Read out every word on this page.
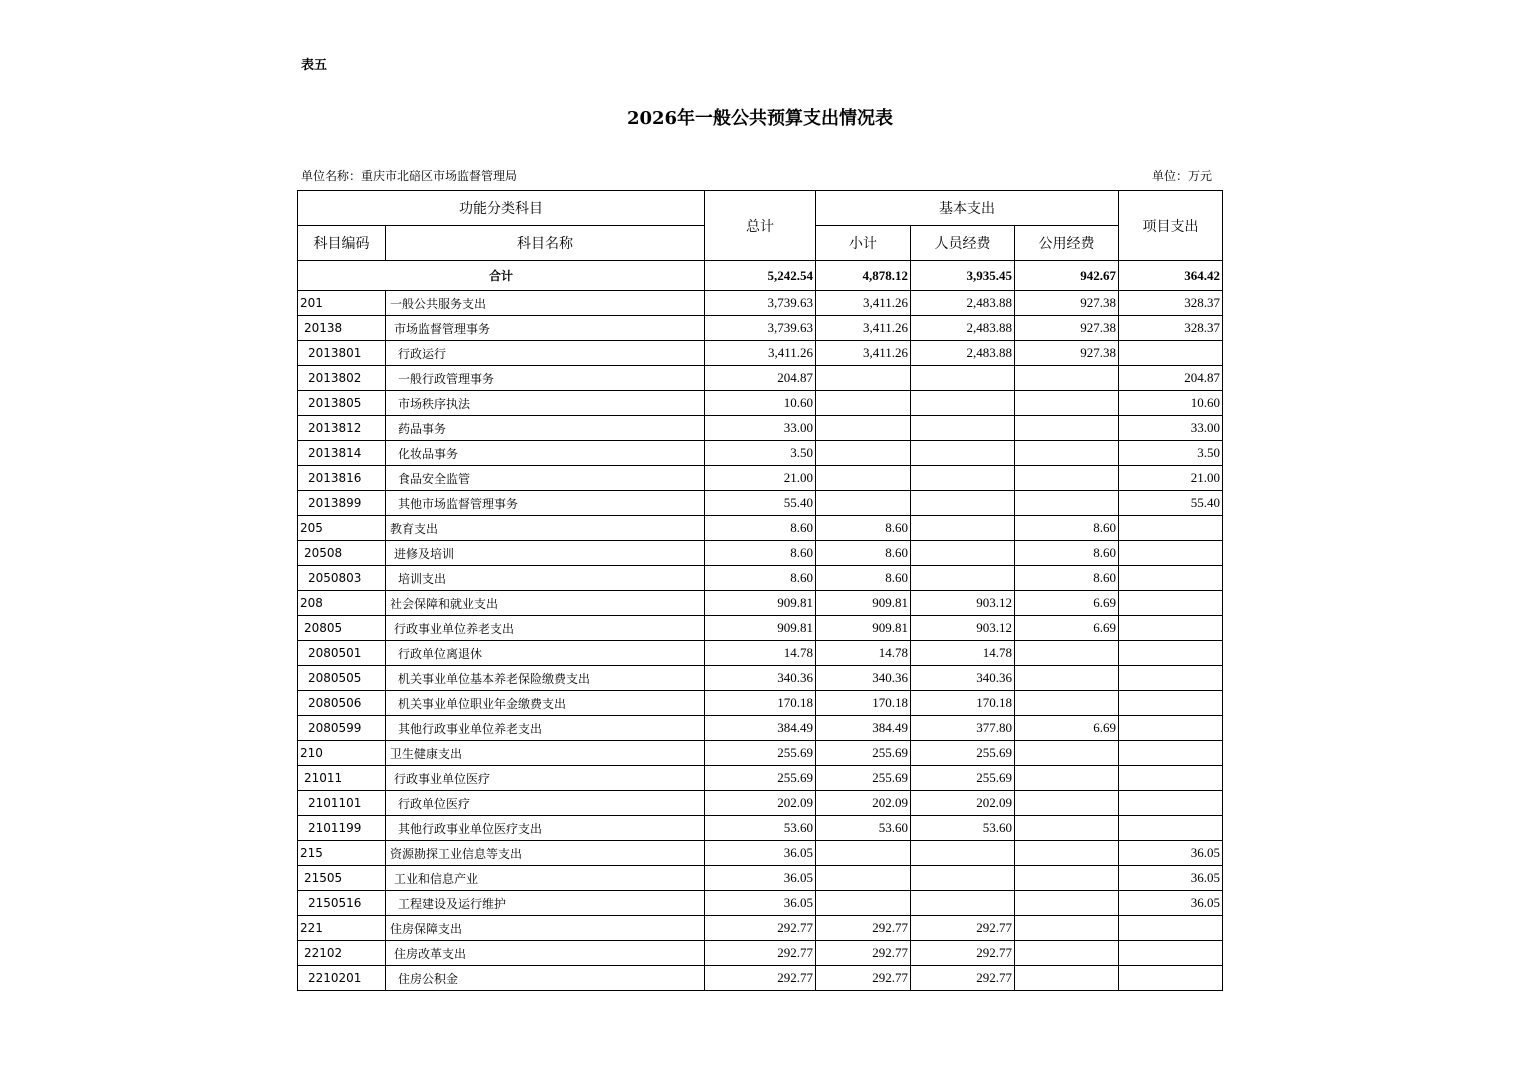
表五
2026年一般公共预算支出情况表
单位名称：重庆市北碚区市场监督管理局	单位：万元
功能分类科目		总计	基本支出			项目支出
科目编码	科目名称		小计	人员经费	公用经费	
合计		5,242.54	4,878.12	3,935.45	942.67	364.42
201	一般公共服务支出	3,739.63	3,411.26	2,483.88	927.38	328.37
20138	市场监督管理事务	3,739.63	3,411.26	2,483.88	927.38	328.37
2013801	行政运行	3,411.26	3,411.26	2,483.88	927.38	
2013802	一般行政管理事务	204.87				204.87
2013805	市场秩序执法	10.60				10.60
2013812	药品事务	33.00				33.00
2013814	化妆品事务	3.50				3.50
2013816	食品安全监管	21.00				21.00
2013899	其他市场监督管理事务	55.40				55.40
205	教育支出	8.60	8.60		8.60	
20508	进修及培训	8.60	8.60		8.60	
2050803	培训支出	8.60	8.60		8.60	
208	社会保障和就业支出	909.81	909.81	903.12	6.69	
20805	行政事业单位养老支出	909.81	909.81	903.12	6.69	
2080501	行政单位离退休	14.78	14.78	14.78		
2080505	机关事业单位基本养老保险缴费支出	340.36	340.36	340.36		
2080506	机关事业单位职业年金缴费支出	170.18	170.18	170.18		
2080599	其他行政事业单位养老支出	384.49	384.49	377.80	6.69	
210	卫生健康支出	255.69	255.69	255.69		
21011	行政事业单位医疗	255.69	255.69	255.69		
2101101	行政单位医疗	202.09	202.09	202.09		
2101199	其他行政事业单位医疗支出	53.60	53.60	53.60		
215	资源勘探工业信息等支出	36.05				36.05
21505	工业和信息产业	36.05				36.05
2150516	工程建设及运行维护	36.05				36.05
221	住房保障支出	292.77	292.77	292.77		
22102	住房改革支出	292.77	292.77	292.77		
2210201	住房公积金	292.77	292.77	292.77		
